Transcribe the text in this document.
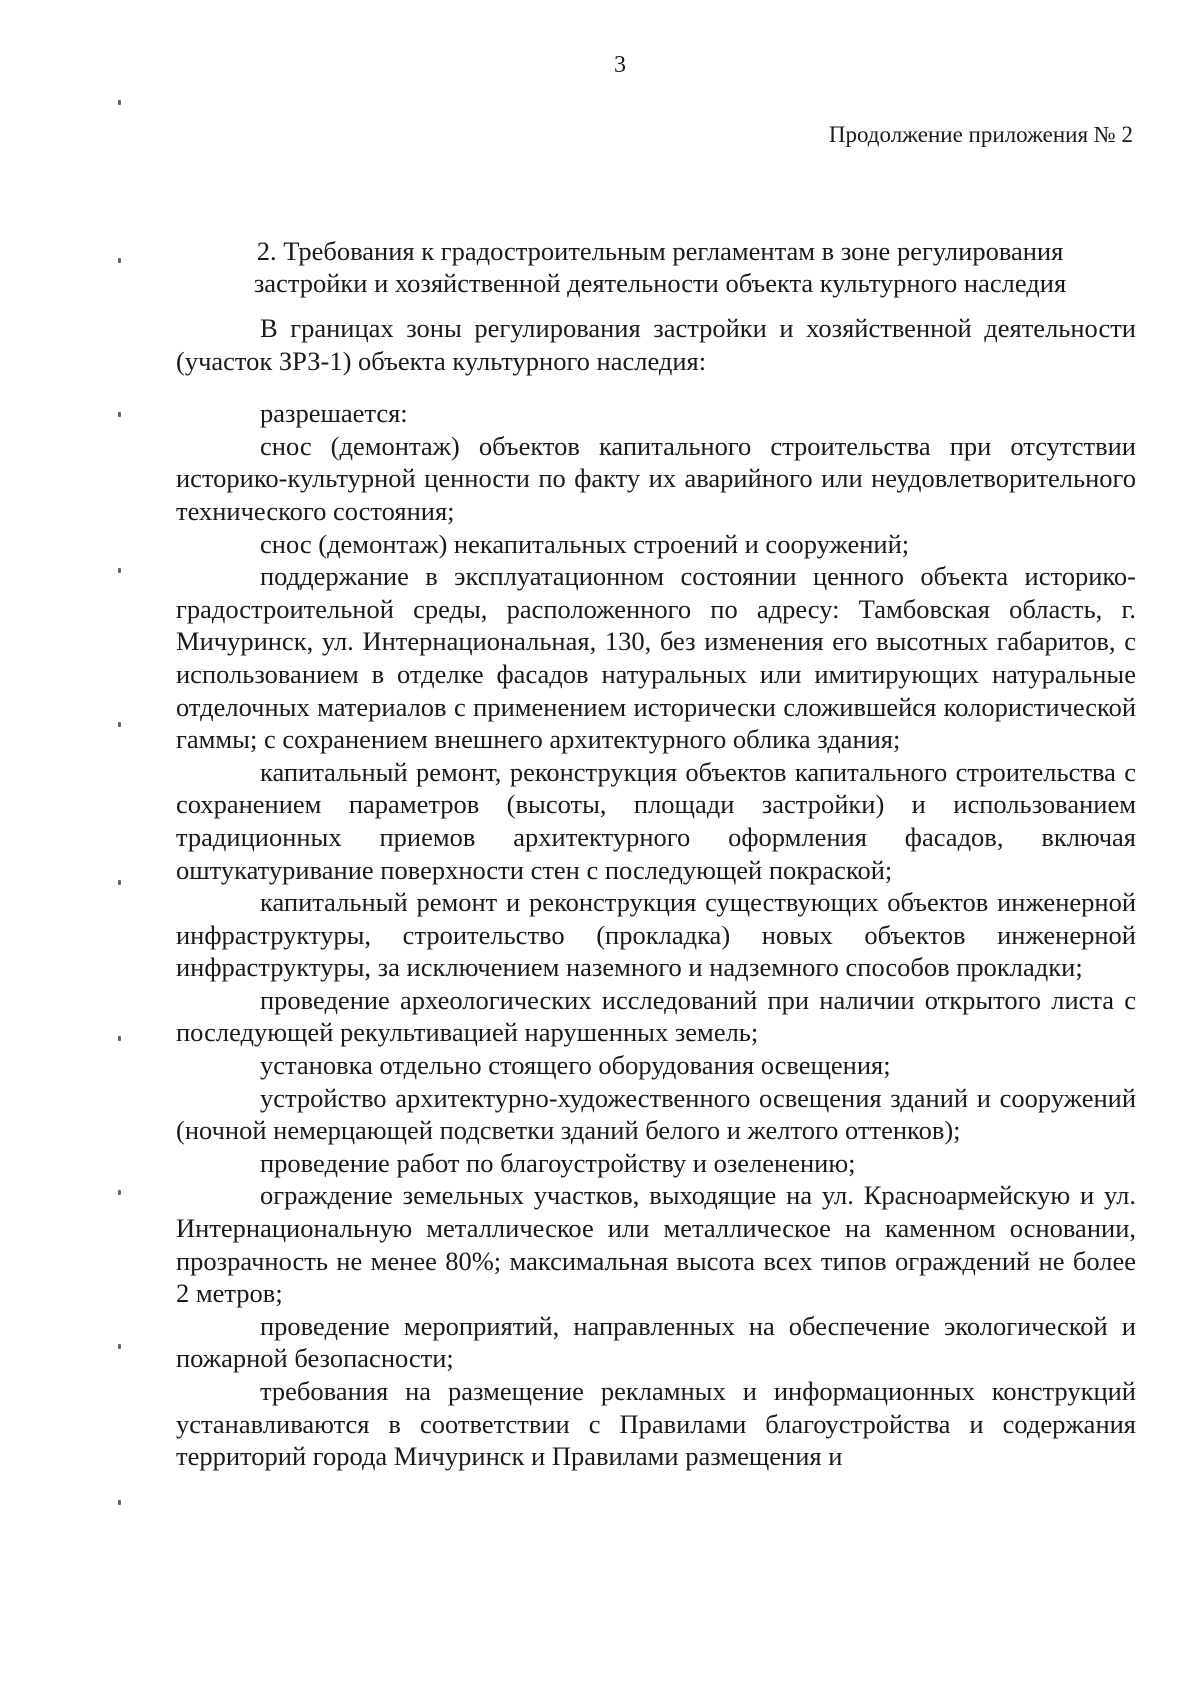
3
Продолжение приложения № 2
2. Требования к градостроительным регламентам в зоне регулирования застройки и хозяйственной деятельности объекта культурного наследия

В границах зоны регулирования застройки и хозяйственной деятельности (участок ЗРЗ-1) объекта культурного наследия:

разрешается:

снос (демонтаж) объектов капитального строительства при отсутствии историко-культурной ценности по факту их аварийного или неудовлетворительного технического состояния;

снос (демонтаж) некапитальных строений и сооружений;

поддержание в эксплуатационном состоянии ценного объекта историко-градостроительной среды, расположенного по адресу: Тамбовская область, г. Мичуринск, ул. Интернациональная, 130, без изменения его высотных габаритов, с использованием в отделке фасадов натуральных или имитирующих натуральные отделочных материалов с применением исторически сложившейся колористической гаммы; с сохранением внешнего архитектурного облика здания;

капитальный ремонт, реконструкция объектов капитального строительства с сохранением параметров (высоты, площади застройки) и использованием традиционных приемов архитектурного оформления фасадов, включая оштукатуривание поверхности стен с последующей покраской;

капитальный ремонт и реконструкция существующих объектов инженерной инфраструктуры, строительство (прокладка) новых объектов инженерной инфраструктуры, за исключением наземного и надземного способов прокладки;

проведение археологических исследований при наличии открытого листа с последующей рекультивацией нарушенных земель;

установка отдельно стоящего оборудования освещения;

устройство архитектурно-художественного освещения зданий и сооружений (ночной немерцающей подсветки зданий белого и желтого оттенков);

проведение работ по благоустройству и озеленению;

ограждение земельных участков, выходящие на ул. Красноармейскую и ул. Интернациональную металлическое или металлическое на каменном основании, прозрачность не менее 80%; максимальная высота всех типов ограждений не более 2 метров;

проведение мероприятий, направленных на обеспечение экологической и пожарной безопасности;

требования на размещение рекламных и информационных конструкций устанавливаются в соответствии с Правилами благоустройства и содержания территорий города Мичуринск и Правилами размещения и
